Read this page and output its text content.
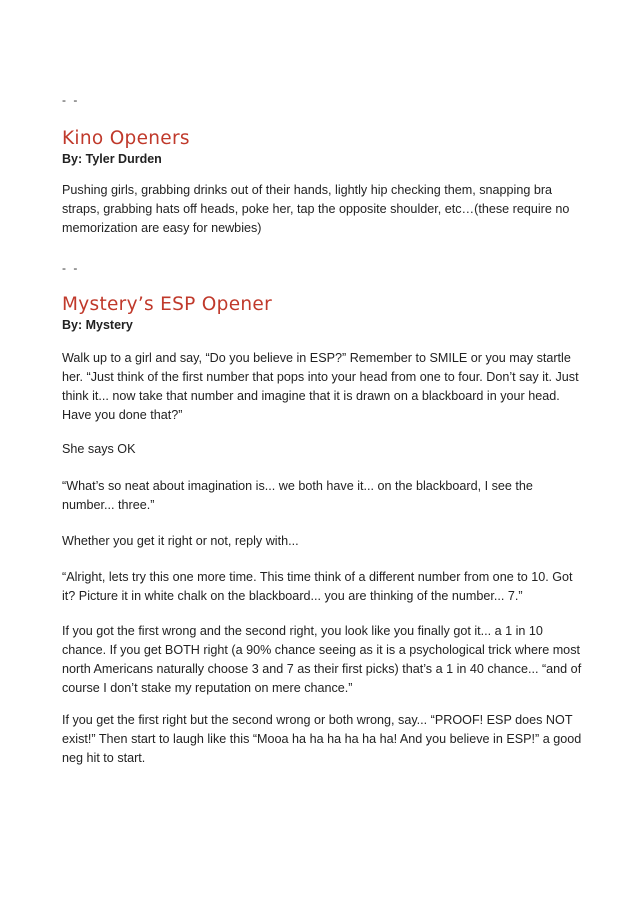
- -
Kino Openers
By: Tyler Durden

Pushing girls, grabbing drinks out of their hands, lightly hip checking them, snapping bra straps, grabbing hats off heads, poke her, tap the opposite shoulder, etc…(these require no memorization are easy for newbies)

- -
Mystery’s ESP Opener
By: Mystery

Walk up to a girl and say, “Do you believe in ESP?” Remember to SMILE or you may startle her. “Just think of the first number that pops into your head from one to four. Don’t say it. Just think it... now take that number and imagine that it is drawn on a blackboard in your head. Have you done that?”

She says OK

“What’s so neat about imagination is... we both have it... on the blackboard, I see the number... three.”

Whether you get it right or not, reply with...

“Alright, lets try this one more time. This time think of a different number from one to 10. Got it? Picture it in white chalk on the blackboard... you are thinking of the number... 7.”

If you got the first wrong and the second right, you look like you finally got it... a 1 in 10 chance. If you get BOTH right (a 90% chance seeing as it is a psychological trick where most north Americans naturally choose 3 and 7 as their first picks) that’s a 1 in 40 chance... “and of course I don’t stake my reputation on mere chance.”

If you get the first right but the second wrong or both wrong, say... “PROOF! ESP does NOT exist!” Then start to laugh like this “Mooa ha ha ha ha ha ha! And you believe in ESP!” a good neg hit to start.
